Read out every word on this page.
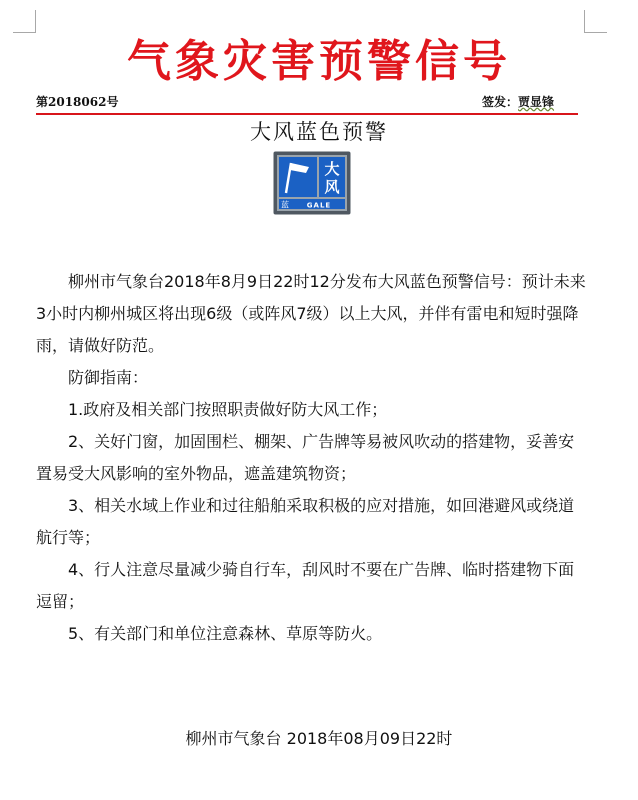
气象灾害预警信号
第2018062号	签发：贾显锋
大风蓝色预警
大
风
蓝	GALE

柳州市气象台2018年8月9日22时12分发布大风蓝色预警信号：预计未来3小时内柳州城区将出现6级（或阵风7级）以上大风，并伴有雷电和短时强降雨，请做好防范。

防御指南：

1.政府及相关部门按照职责做好防大风工作；

2、关好门窗，加固围栏、棚架、广告牌等易被风吹动的搭建物，妥善安置易受大风影响的室外物品，遮盖建筑物资；

3、相关水域上作业和过往船舶采取积极的应对措施，如回港避风或绕道航行等；

4、行人注意尽量减少骑自行车，刮风时不要在广告牌、临时搭建物下面逗留；

5、有关部门和单位注意森林、草原等防火。

柳州市气象台 2018年08月09日22时
